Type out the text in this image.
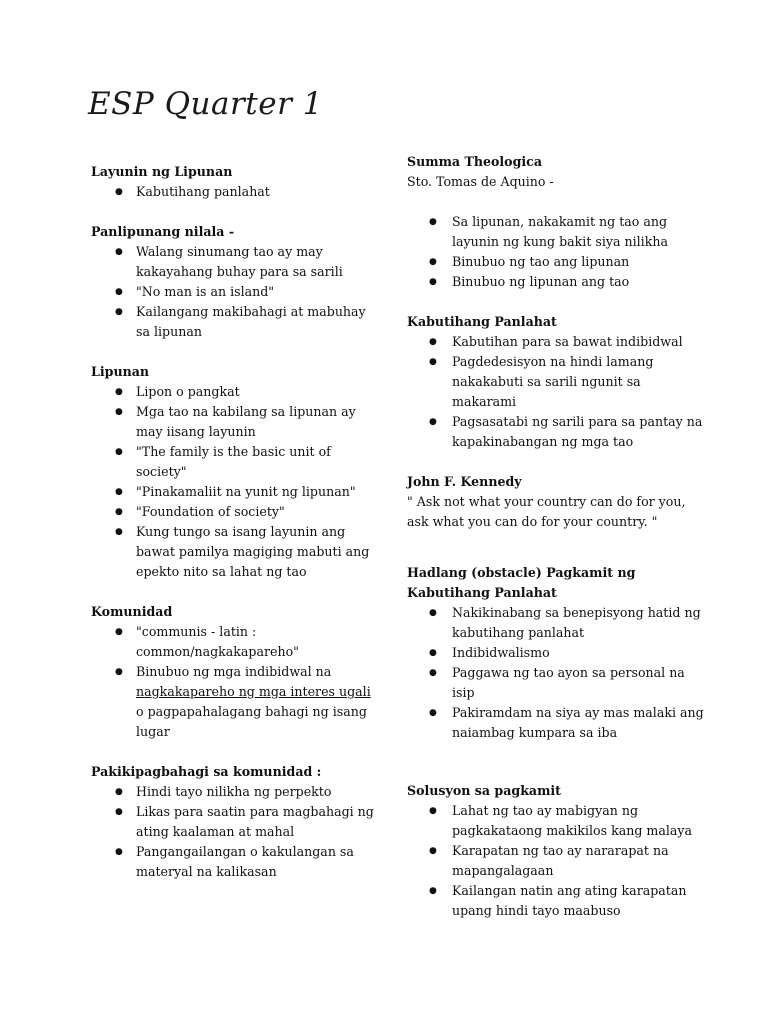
ESP Quarter 1

Layunin ng Lipunan

● Kabutihang panlahat

Panlipunang nilala -

● Walang sinumang tao ay may kakayahang buhay para sa sarili
● "No man is an island"
● Kailangang makibahagi at mabuhay sa lipunan

Lipunan

● Lipon o pangkat
● Mga tao na kabilang sa lipunan ay may iisang layunin
● "The family is the basic unit of society"
● "Pinakamaliit na yunit ng lipunan"
● "Foundation of society"
● Kung tungo sa isang layunin ang bawat pamilya magiging mabuti ang epekto nito sa lahat ng tao

Komunidad

● "communis - latin : common/nagkakapareho"
● Binubuo ng mga indibidwal na nagkakapareho ng mga interes ugali o pagpapahalagang bahagi ng isang lugar

Pakikipagbahagi sa komunidad :

● Hindi tayo nilikha ng perpekto
● Likas para saatin para magbahagi ng ating kaalaman at mahal
● Pangangailangan o kakulangan sa materyal na kalikasan

Summa Theologica

Sto. Tomas de Aquino -

● Sa lipunan, nakakamit ng tao ang layunin ng kung bakit siya nilikha
● Binubuo ng tao ang lipunan
● Binubuo ng lipunan ang tao

Kabutihang Panlahat

● Kabutihan para sa bawat indibidwal
● Pagdedesisyon na hindi lamang nakakabuti sa sarili ngunit sa makarami
● Pagsasatabi ng sarili para sa pantay na kapakinabangan ng mga tao

John F. Kennedy

" Ask not what your country can do for you, ask what you can do for your country. "

Hadlang (obstacle) Pagkamit ng Kabutihang Panlahat

● Nakikinabang sa benepisyong hatid ng kabutihang panlahat
● Indibidwalismo
● Paggawa ng tao ayon sa personal na isip
● Pakiramdam na siya ay mas malaki ang naiambag kumpara sa iba

Solusyon sa pagkamit

● Lahat ng tao ay mabigyan ng pagkakataong makikilos kang malaya
● Karapatan ng tao ay nararapat na mapangalagaan
● Kailangan natin ang ating karapatan upang hindi tayo maabuso
